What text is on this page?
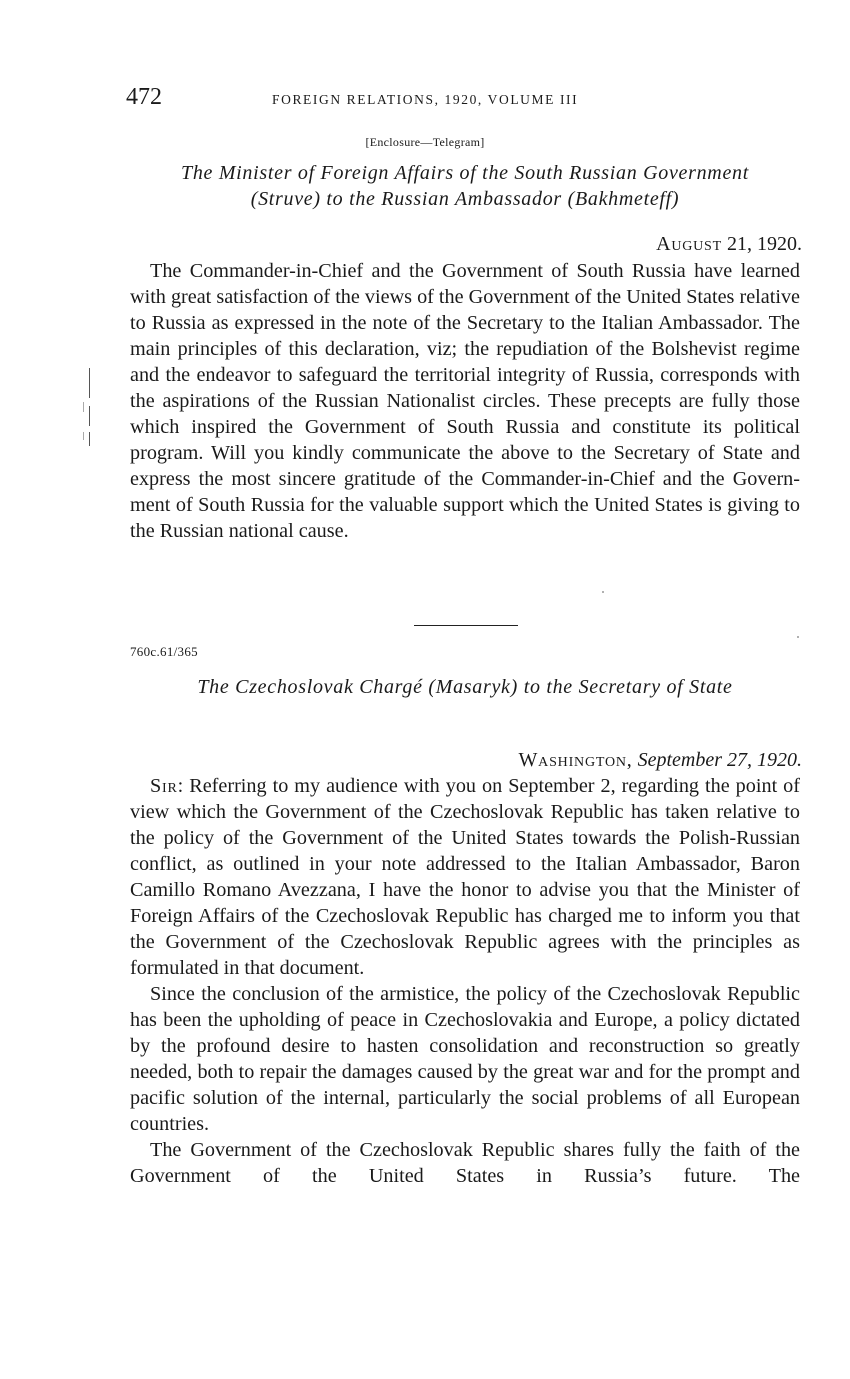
472	FOREIGN RELATIONS, 1920, VOLUME III
[Enclosure—Telegram]
The Minister of Foreign Affairs of the South Russian Government
(Struve) to the Russian Ambassador (Bakhmeteff)
August 21, 1920.

The Commander-in-Chief and the Government of South Russia have learned with great satisfaction of the views of the Government of the United States relative to Russia as expressed in the note of the Secretary to the Italian Ambassador. The main principles of this declaration, viz; the repudiation of the Bolshevist regime and the endeavor to safeguard the territorial integrity of Russia, corresponds with the aspirations of the Russian Nationalist circles. These precepts are fully those which inspired the Government of South Russia and constitute its political program. Will you kindly communicate the above to the Secretary of State and express the most sincere gratitude of the Commander-in-Chief and the Government of South Russia for the valuable support which the United States is giving to the Russian national cause.

760c.61/365
The Czechoslovak Chargé (Masaryk) to the Secretary of State
Washington, September 27, 1920.

Sir: Referring to my audience with you on September 2, regarding the point of view which the Government of the Czechoslovak Republic has taken relative to the policy of the Government of the United States towards the Polish-Russian conflict, as outlined in your note addressed to the Italian Ambassador, Baron Camillo Romano Avezzana, I have the honor to advise you that the Minister of Foreign Affairs of the Czechoslovak Republic has charged me to inform you that the Government of the Czechoslovak Republic agrees with the principles as formulated in that document.

Since the conclusion of the armistice, the policy of the Czechoslovak Republic has been the upholding of peace in Czechoslovakia and Europe, a policy dictated by the profound desire to hasten consolidation and reconstruction so greatly needed, both to repair the damages caused by the great war and for the prompt and pacific solution of the internal, particularly the social problems of all European countries.

The Government of the Czechoslovak Republic shares fully the faith of the Government of the United States in Russia’s future. The
